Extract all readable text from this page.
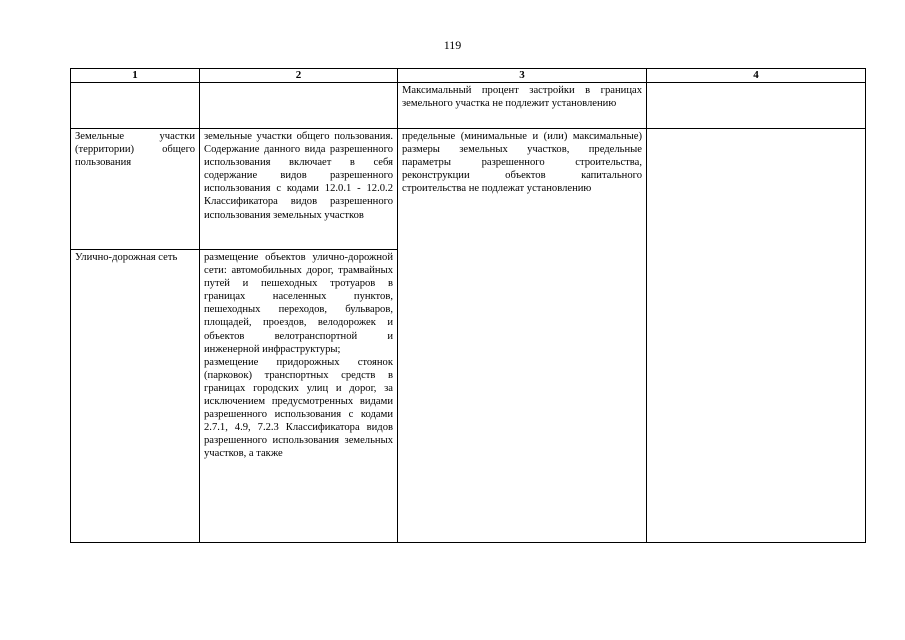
119
1	2	3	4
		Максимальный процент застройки в границах земельного участка не подлежит установлению	
Земельные участки (территории) общего пользования	земельные участки общего пользования. Содержание данного вида разрешенного использования включает в себя содержание видов разрешенного использования с кодами 12.0.1 - 12.0.2 Классификатора видов разрешенного использования земельных участков	предельные (минимальные и (или) максимальные) размеры земельных участков, предельные параметры разрешенного строительства, реконструкции объектов капитального строительства не подлежат установлению	
Улично-дорожная сеть	размещение объектов улично-дорожной сети: автомобильных дорог, трамвайных путей и пешеходных тротуаров в границах населенных пунктов, пешеходных переходов, бульваров, площадей, проездов, велодорожек и объектов велотранспортной и инженерной инфраструктуры;
размещение придорожных стоянок (парковок) транспортных средств в границах городских улиц и дорог, за исключением предусмотренных видами разрешенного использования с кодами 2.7.1, 4.9, 7.2.3 Классификатора видов разрешенного использования земельных участков, а также		
